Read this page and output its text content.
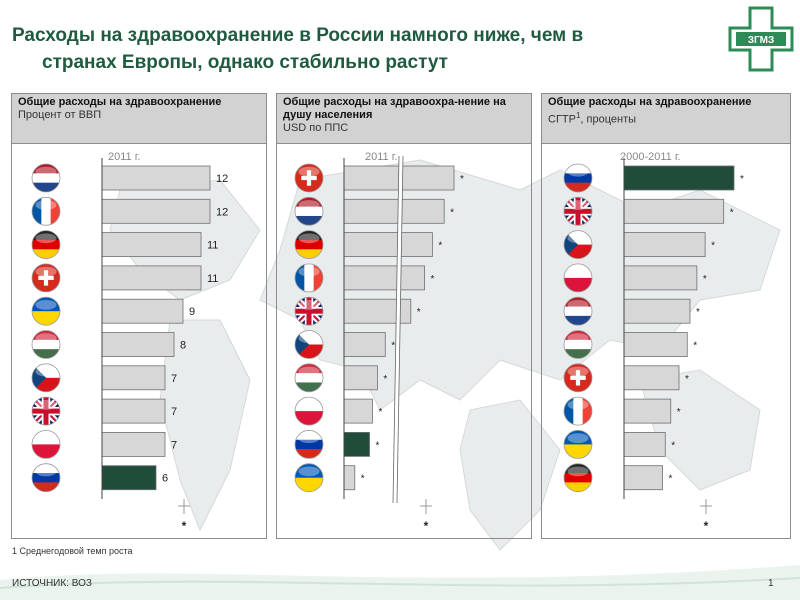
Расходы на здравоохранение в России намного ниже, чем в
странах Европы, однако стабильно растут
ЗГМЗ
Общие расходы на здравоохранение
Процент от ВВП
2011 г.
12
12
11
11
9
8
7
7
7
6
*
Общие расходы на здравоохра-нение на душу населения
USD по ППС
2011 г.
*
*
*
*
*
*
*
*
*
*
*
Общие расходы на здравоохранение
СГТР$^1$, проценты
2000-2011 г.
*
*
*
*
*
*
*
*
*
*
*
1 Среднегодовой темп роста
ИСТОЧНИК: ВОЗ	1
